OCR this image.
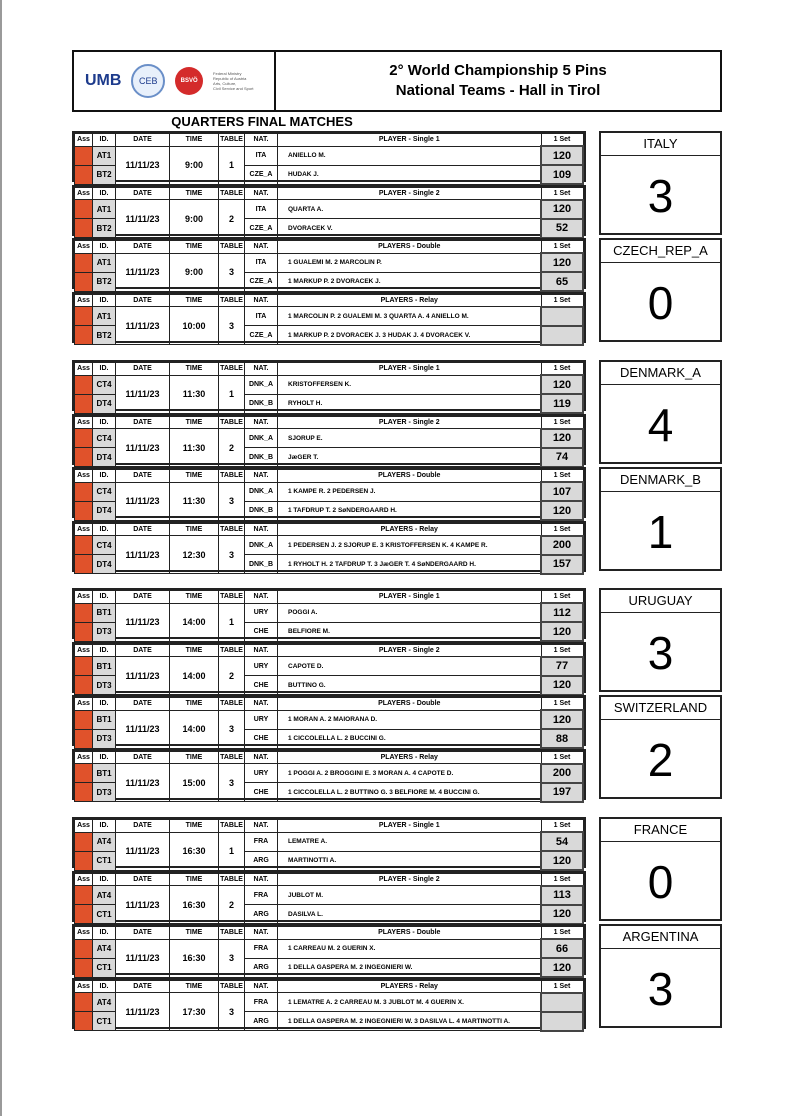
UMB	CEB	BSVÖ
Federal Ministry
Republic of Austria
Arts, Culture,
Civil Service and Sport
2° World Championship 5 Pins
National Teams - Hall in Tirol
QUARTERS FINAL MATCHES
Ass	ID.	DATE	TIME	TABLE	NAT.	PLAYER - Single 1	1 Set
	AT1	11/11/23	9:00	1	ITA	ANIELLO M.	120
	BT2				CZE_A	HUDAK J.	109
Ass	ID.	DATE	TIME	TABLE	NAT.	PLAYER - Single 2	1 Set
	AT1	11/11/23	9:00	2	ITA	QUARTA A.	120
	BT2				CZE_A	DVORACEK V.	52
Ass	ID.	DATE	TIME	TABLE	NAT.	PLAYERS - Double	1 Set
	AT1	11/11/23	9:00	3	ITA	1 GUALEMI M. 2 MARCOLIN P.	120
	BT2				CZE_A	1 MARKUP P. 2 DVORACEK J.	65
Ass	ID.	DATE	TIME	TABLE	NAT.	PLAYERS - Relay	1 Set
	AT1	11/11/23	10:00	3	ITA	1 MARCOLIN P. 2 GUALEMI M. 3 QUARTA A. 4 ANIELLO M.	
	BT2				CZE_A	1 MARKUP P. 2 DVORACEK J. 3 HUDAK J. 4 DVORACEK V.	
ITALY
3
CZECH_REP_A
0
Ass	ID.	DATE	TIME	TABLE	NAT.	PLAYER - Single 1	1 Set
	CT4	11/11/23	11:30	1	DNK_A	KRISTOFFERSEN K.	120
	DT4				DNK_B	RYHOLT H.	119
Ass	ID.	DATE	TIME	TABLE	NAT.	PLAYER - Single 2	1 Set
	CT4	11/11/23	11:30	2	DNK_A	SJORUP E.	120
	DT4				DNK_B	JæGER T.	74
Ass	ID.	DATE	TIME	TABLE	NAT.	PLAYERS - Double	1 Set
	CT4	11/11/23	11:30	3	DNK_A	1 KAMPE R. 2 PEDERSEN J.	107
	DT4				DNK_B	1 TAFDRUP T. 2 SøNDERGAARD H.	120
Ass	ID.	DATE	TIME	TABLE	NAT.	PLAYERS - Relay	1 Set
	CT4	11/11/23	12:30	3	DNK_A	1 PEDERSEN J. 2 SJORUP E. 3 KRISTOFFERSEN K. 4 KAMPE R.	200
	DT4				DNK_B	1 RYHOLT H. 2 TAFDRUP T. 3 JæGER T. 4 SøNDERGAARD H.	157
DENMARK_A
4
DENMARK_B
1
Ass	ID.	DATE	TIME	TABLE	NAT.	PLAYER - Single 1	1 Set
	BT1	11/11/23	14:00	1	URY	POGGI A.	112
	DT3				CHE	BELFIORE M.	120
Ass	ID.	DATE	TIME	TABLE	NAT.	PLAYER - Single 2	1 Set
	BT1	11/11/23	14:00	2	URY	CAPOTE D.	77
	DT3				CHE	BUTTINO G.	120
Ass	ID.	DATE	TIME	TABLE	NAT.	PLAYERS - Double	1 Set
	BT1	11/11/23	14:00	3	URY	1 MORAN A. 2 MAIORANA D.	120
	DT3				CHE	1 CICCOLELLA L. 2 BUCCINI G.	88
Ass	ID.	DATE	TIME	TABLE	NAT.	PLAYERS - Relay	1 Set
	BT1	11/11/23	15:00	3	URY	1 POGGI A. 2 BROGGINI E. 3 MORAN A. 4 CAPOTE D.	200
	DT3				CHE	1 CICCOLELLA L. 2 BUTTINO G. 3 BELFIORE M. 4 BUCCINI G.	197
URUGUAY
3
SWITZERLAND
2
Ass	ID.	DATE	TIME	TABLE	NAT.	PLAYER - Single 1	1 Set
	AT4	11/11/23	16:30	1	FRA	LEMATRE A.	54
	CT1				ARG	MARTINOTTI A.	120
Ass	ID.	DATE	TIME	TABLE	NAT.	PLAYER - Single 2	1 Set
	AT4	11/11/23	16:30	2	FRA	JUBLOT M.	113
	CT1				ARG	DASILVA L.	120
Ass	ID.	DATE	TIME	TABLE	NAT.	PLAYERS - Double	1 Set
	AT4	11/11/23	16:30	3	FRA	1 CARREAU M. 2 GUERIN X.	66
	CT1				ARG	1 DELLA GASPERA M. 2 INGEGNIERI W.	120
Ass	ID.	DATE	TIME	TABLE	NAT.	PLAYERS - Relay	1 Set
	AT4	11/11/23	17:30	3	FRA	1 LEMATRE A. 2 CARREAU M. 3 JUBLOT M. 4 GUERIN X.	
	CT1				ARG	1 DELLA GASPERA M. 2 INGEGNIERI W. 3 DASILVA L. 4 MARTINOTTI A.	
FRANCE
0
ARGENTINA
3
